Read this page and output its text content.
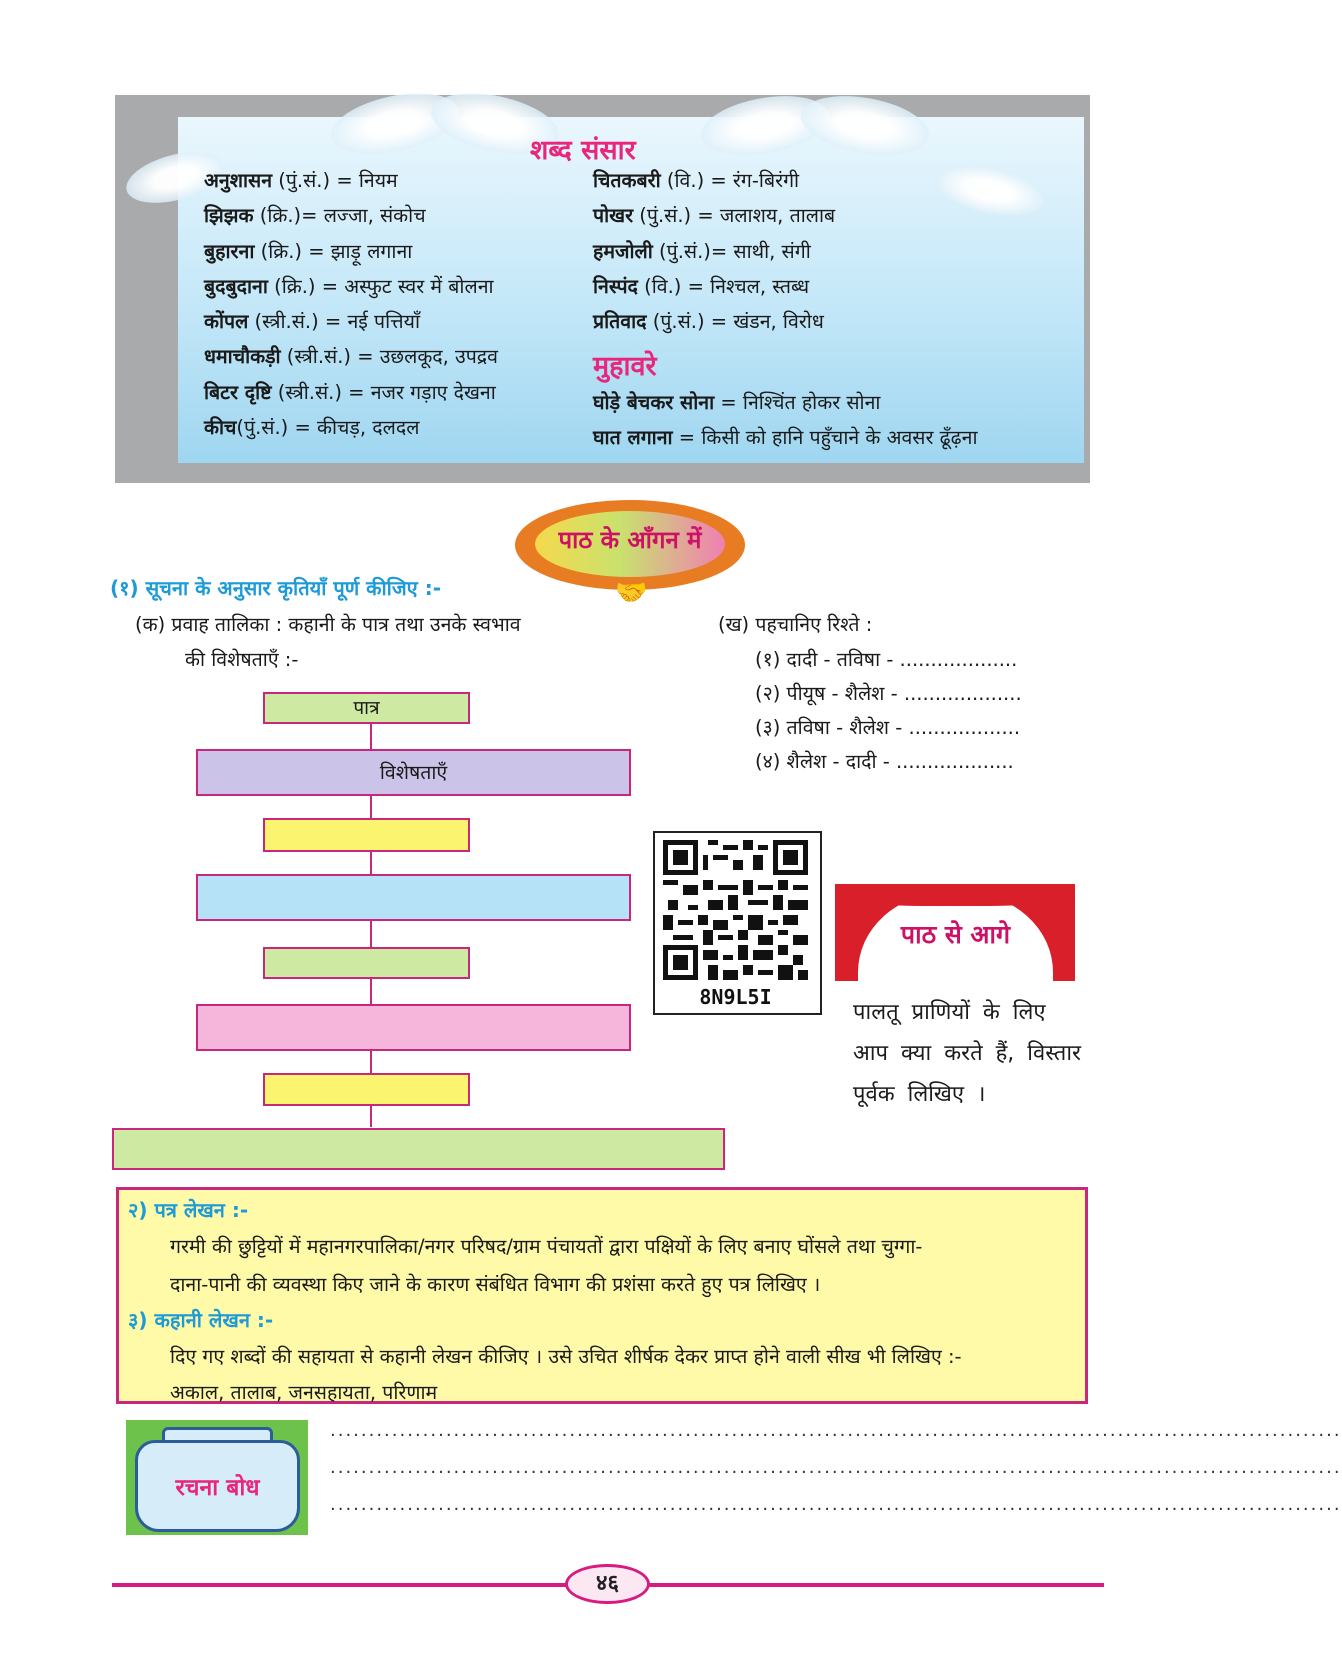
शब्द संसार
अनुशासन (पुं.सं.) = नियम
झिझक (क्रि.)= लज्जा, संकोच
बुहारना (क्रि.) = झाड़ू लगाना
बुदबुदाना (क्रि.) = अस्फुट स्वर में बोलना
कोंपल (स्त्री.सं.) = नई पत्तियाँ
धमाचौकड़ी (स्त्री.सं.) = उछलकूद, उपद्रव
बिटर दृष्टि (स्त्री.सं.) = नजर गड़ाए देखना
कीच(पुं.सं.) = कीचड़, दलदल
चितकबरी (वि.) = रंग-बिरंगी
पोखर (पुं.सं.) = जलाशय, तालाब
हमजोली (पुं.सं.)= साथी, संगी
निस्पंद (वि.) = निश्चल, स्तब्ध
प्रतिवाद (पुं.सं.) = खंडन, विरोध
मुहावरे
घोड़े बेचकर सोना = निश्चिंत होकर सोना
घात लगाना = किसी को हानि पहुँचाने के अवसर ढूँढ़ना
पाठ के आँगन में
🤝
(१) सूचना के अनुसार कृतियाँ पूर्ण कीजिए :-
(क) प्रवाह तालिका : कहानी के पात्र तथा उनके स्वभाव
की विशेषताएँ :-
पात्र
विशेषताएँ
(ख) पहचानिए रिश्ते :
(१) दादी - तविषा - ...................
(२) पीयूष - शैलेश - ...................
(३) तविषा - शैलेश - ..................
(४) शैलेश - दादी - ...................
8N9L5I
पाठ से आगे
पालतू प्राणियों के लिए
आप क्या करते हैं, विस्तार
पूर्वक लिखिए ।
२) पत्र लेखन :-
गरमी की छुट्टियों में महानगरपालिका/नगर परिषद/ग्राम पंचायतों द्वारा पक्षियों के लिए बनाए घोंसले तथा चुग्गा-
दाना-पानी की व्यवस्था किए जाने के कारण संबंधित विभाग की प्रशंसा करते हुए पत्र लिखिए ।
३) कहानी लेखन :-
दिए गए शब्दों की सहायता से कहानी लेखन कीजिए । उसे उचित शीर्षक देकर प्राप्त होने वाली सीख भी लिखिए :-
अकाल, तालाब, जनसहायता, परिणाम
रचना बोध
...................................................................................................................................
...................................................................................................................................
...................................................................................................................................
४६
